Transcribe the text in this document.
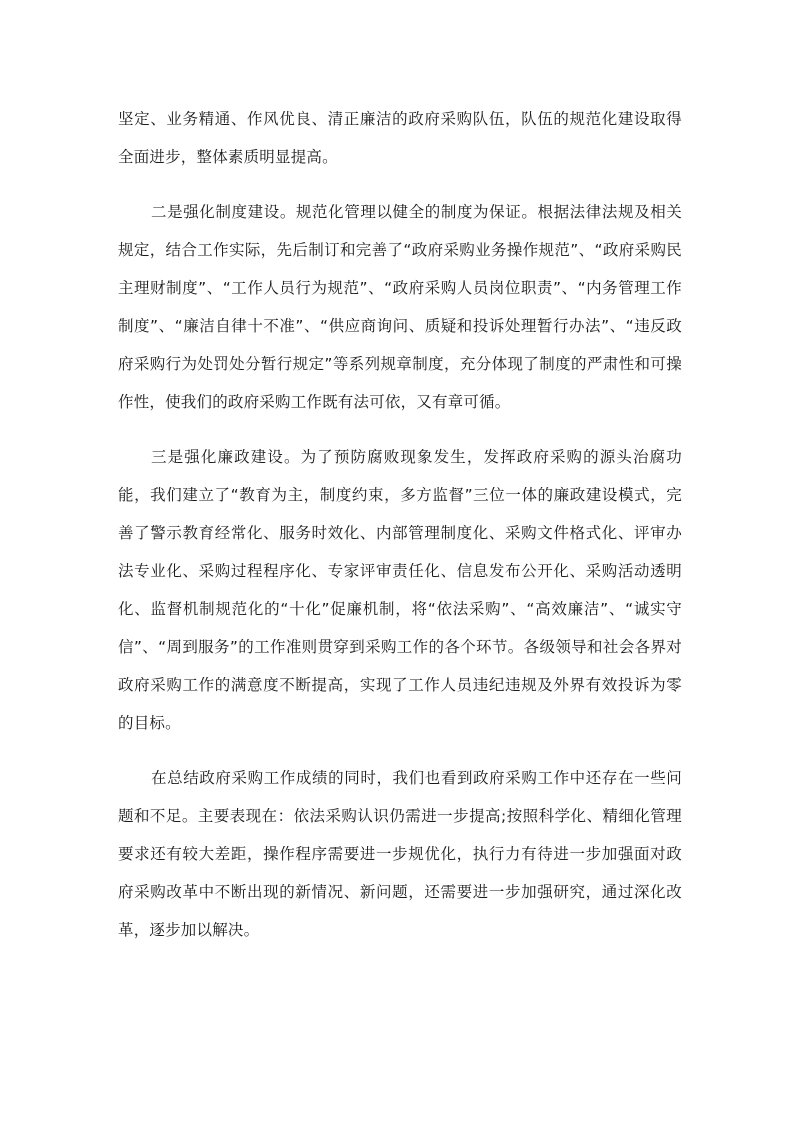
坚定、业务精通、作风优良、清正廉洁的政府采购队伍，队伍的规范化建设取得全面进步，整体素质明显提高。

二是强化制度建设。规范化管理以健全的制度为保证。根据法律法规及相关规定，结合工作实际，先后制订和完善了“政府采购业务操作规范”、“政府采购民主理财制度”、“工作人员行为规范”、“政府采购人员岗位职责”、“内务管理工作制度”、“廉洁自律十不准”、“供应商询问、质疑和投诉处理暂行办法”、“违反政府采购行为处罚处分暂行规定”等系列规章制度，充分体现了制度的严肃性和可操作性，使我们的政府采购工作既有法可依，又有章可循。

三是强化廉政建设。为了预防腐败现象发生，发挥政府采购的源头治腐功能，我们建立了“教育为主，制度约束，多方监督”三位一体的廉政建设模式，完善了警示教育经常化、服务时效化、内部管理制度化、采购文件格式化、评审办法专业化、采购过程程序化、专家评审责任化、信息发布公开化、采购活动透明化、监督机制规范化的“十化”促廉机制，将“依法采购”、“高效廉洁”、“诚实守信”、“周到服务”的工作准则贯穿到采购工作的各个环节。各级领导和社会各界对政府采购工作的满意度不断提高，实现了工作人员违纪违规及外界有效投诉为零的目标。

在总结政府采购工作成绩的同时，我们也看到政府采购工作中还存在一些问题和不足。主要表现在：依法采购认识仍需进一步提高;按照科学化、精细化管理要求还有较大差距，操作程序需要进一步规优化，执行力有待进一步加强面对政府采购改革中不断出现的新情况、新问题，还需要进一步加强研究，通过深化改革，逐步加以解决。
